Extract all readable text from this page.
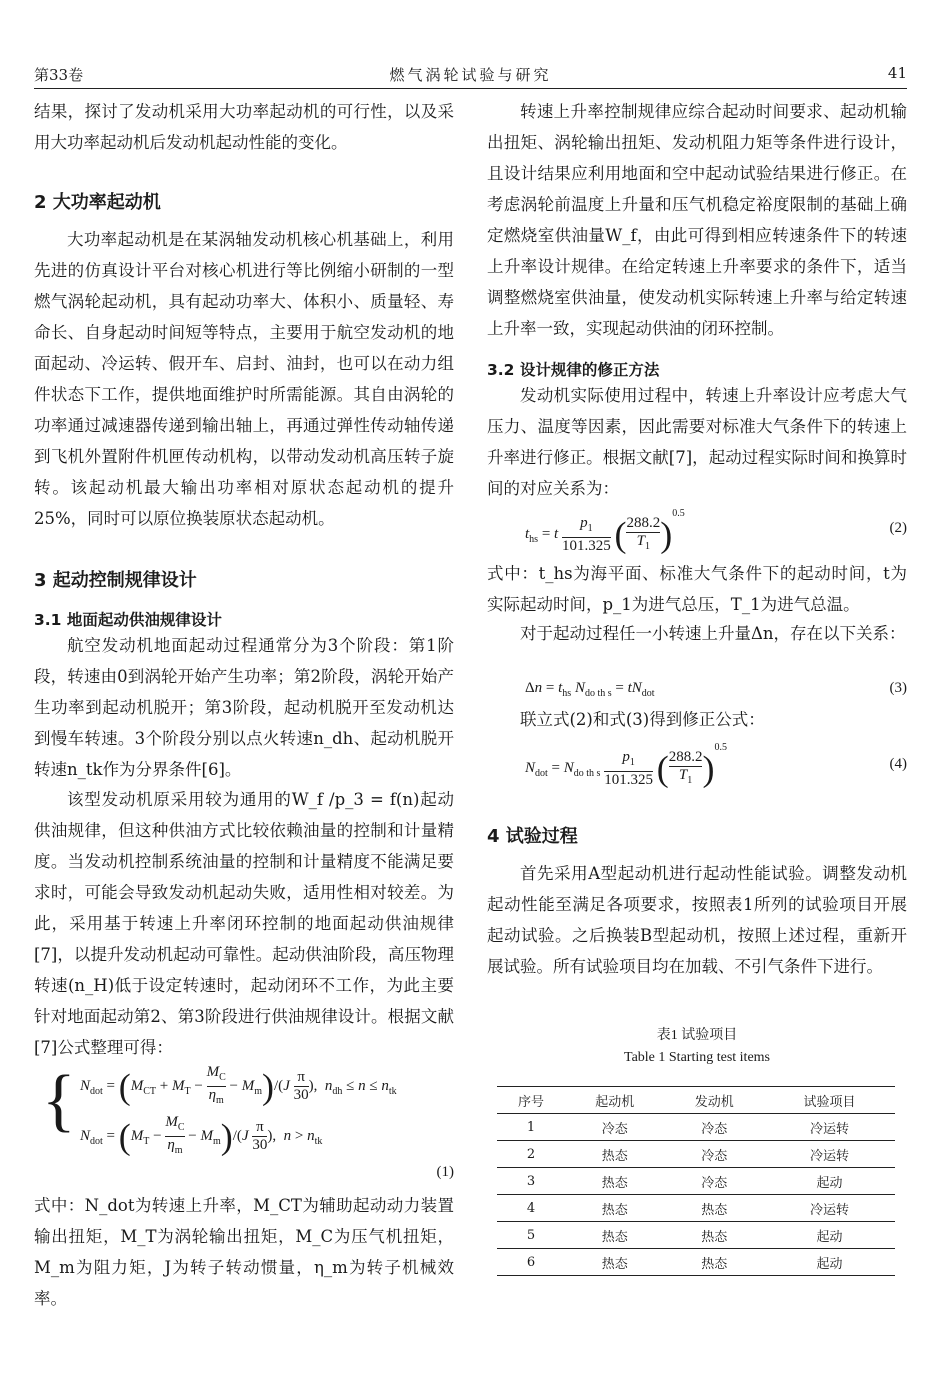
第33卷	燃气涡轮试验与研究	41

结果，探讨了发动机采用大功率起动机的可行性，以及采用大功率起动机后发动机起动性能的变化。

2 大功率起动机

大功率起动机是在某涡轴发动机核心机基础上，利用先进的仿真设计平台对核心机进行等比例缩小研制的一型燃气涡轮起动机，具有起动功率大、体积小、质量轻、寿命长、自身起动时间短等特点，主要用于航空发动机的地面起动、冷运转、假开车、启封、油封，也可以在动力组件状态下工作，提供地面维护时所需能源。其自由涡轮的功率通过减速器传递到输出轴上，再通过弹性传动轴传递到飞机外置附件机匣传动机构，以带动发动机高压转子旋转。该起动机最大输出功率相对原状态起动机的提升25%，同时可以原位换装原状态起动机。

3 起动控制规律设计
3.1 地面起动供油规律设计

航空发动机地面起动过程通常分为3个阶段：第1阶段，转速由0到涡轮开始产生功率；第2阶段，涡轮开始产生功率到起动机脱开；第3阶段，起动机脱开至发动机达到慢车转速。3个阶段分别以点火转速n_dh、起动机脱开转速n_tk作为分界条件[6]。

该型发动机原采用较为通用的W_f /p_3 = f(n)起动供油规律，但这种供油方式比较依赖油量的控制和计量精度。当发动机控制系统油量的控制和计量精度不能满足要求时，可能会导致发动机起动失败，适用性相对较差。为此，采用基于转速上升率闭环控制的地面起动供油规律[7]，以提升发动机起动可靠性。起动供油阶段，高压物理转速(n_H)低于设定转速时，起动闭环不工作，为此主要针对地面起动第2、第3阶段进行供油规律设计。根据文献[7]公式整理可得：

{ $N_{dot} = (M_{CT} + M_T - \frac{M_C}{\eta_m} - M_m)/(J \frac{\pi}{30}$ ),  $n_{dh} \le n \le n_{tk}$
$N_{dot} = (M_T - \frac{M_C}{\eta_m} - M_m)/(J \frac{\pi}{30}$ ),  $n > n_{tk}$
(1)

式中：N_dot为转速上升率，M_CT为辅助起动动力装置输出扭矩，M_T为涡轮输出扭矩，M_C为压气机扭矩，M_m为阻力矩，J为转子转动惯量，η_m为转子机械效率。

转速上升率控制规律应综合起动时间要求、起动机输出扭矩、涡轮输出扭矩、发动机阻力矩等条件进行设计，且设计结果应利用地面和空中起动试验结果进行修正。在考虑涡轮前温度上升量和压气机稳定裕度限制的基础上确定燃烧室供油量W_f，由此可得到相应转速条件下的转速上升率设计规律。在给定转速上升率要求的条件下，适当调整燃烧室供油量，使发动机实际转速上升率与给定转速上升率一致，实现起动供油的闭环控制。

3.2 设计规律的修正方法

发动机实际使用过程中，转速上升率设计应考虑大气压力、温度等因素，因此需要对标准大气条件下的转速上升率进行修正。根据文献[7]，起动过程实际时间和换算时间的对应关系为：

$t_{hs} = t \frac{p_1}{101.325}$ ( $\frac{288.2}{T_1} )^{0.5}$
(2)

式中：t_hs为海平面、标准大气条件下的起动时间，t为实际起动时间，p_1为进气总压，T_1为进气总温。

对于起动过程任一小转速上升量Δn，存在以下关系：

$\Delta n = t_{hs}$ $N_{do th s} = tN_{dot}$	(3)

联立式(2)和式(3)得到修正公式：

$N_{dot} = N_{do th s} \frac{p_1}{101.325}$ ( $\frac{288.2}{T_1} )^{0.5}$
(4)
4 试验过程

首先采用A型起动机进行起动性能试验。调整发动机起动性能至满足各项要求，按照表1所列的试验项目开展起动试验。之后换装B型起动机，按照上述过程，重新开展试验。所有试验项目均在加载、不引气条件下进行。

表1 试验项目
Table 1 Starting test items
序号	起动机	发动机	试验项目
1	冷态	冷态	冷运转
2	热态	冷态	冷运转
3	热态	冷态	起动
4	热态	热态	冷运转
5	热态	热态	起动
6	热态	热态	起动
